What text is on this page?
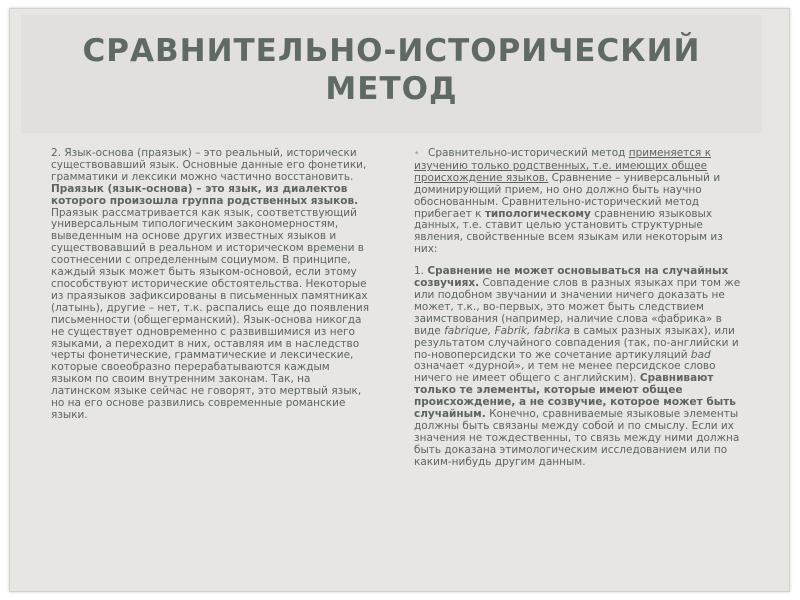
СРАВНИТЕЛЬНО-ИСТОРИЧЕСКИЙ
МЕТОД

2. Язык-основа (праязык) – это реальный, исторически существовавший язык. Основные данные его фонетики, грамматики и лексики можно частично восстановить. Праязык (язык-основа) – это язык, из диалектов которого произошла группа родственных языков. Праязык рассматривается как язык, соответствующий универсальным типологическим закономерностям, выведенным на основе других известных языков и существовавший в реальном и историческом времени в соотнесении с определенным социумом. В принципе, каждый язык может быть языком-основой, если этому способствуют исторические обстоятельства. Некоторые из праязыков зафиксированы в письменных памятниках (латынь), другие – нет, т.к. распались еще до появления письменности (общегерманский). Язык-основа никогда не существует одновременно с развившимися из него языками, а переходит в них, оставляя им в наследство черты фонетические, грамматические и лексические, которые своеобразно перерабатываются каждым языком по своим внутренним законам. Так, на латинском языке сейчас не говорят, это мертвый язык, но на его основе развились современные романские языки.

• Сравнительно-исторический метод применяется к изучению только родственных, т.е. имеющих общее происхождение языков. Сравнение – универсальный и доминирующий прием, но оно должно быть научно обоснованным. Сравнительно-исторический метод прибегает к типологическому сравнению языковых данных, т.е. ставит целью установить структурные явления, свойственные всем языкам или некоторым из них:

1. Сравнение не может основываться на случайных созвучиях. Совпадение слов в разных языках при том же или подобном звучании и значении ничего доказать не может, т.к., во-первых, это может быть следствием заимствования (например, наличие слова «фабрика» в виде fabrique, Fabrik, fabrika в самых разных языках), или результатом случайного совпадения (так, по-английски и по-новоперсидски то же сочетание артикуляций bad означает «дурной», и тем не менее персидское слово ничего не имеет общего с английским). Сравнивают только те элементы, которые имеют общее происхождение, а не созвучие, которое может быть случайным. Конечно, сравниваемые языковые элементы должны быть связаны между собой и по смыслу. Если их значения не тождественны, то связь между ними должна быть доказана этимологическим исследованием или по каким-нибудь другим данным.
